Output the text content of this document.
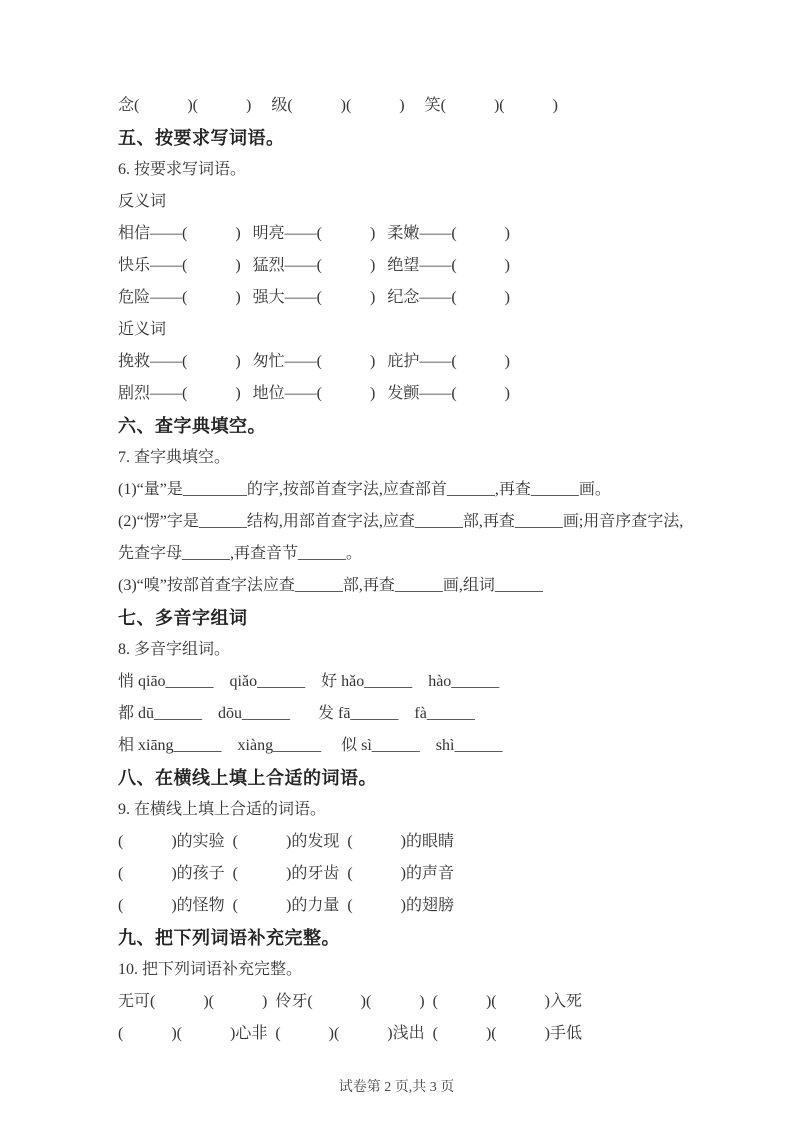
念(            )(            )     级(            )(            )     笑(            )(            )

五、按要求写词语。

6. 按要求写词语。

反义词

相信——(            )   明亮——(            )   柔嫩——(            )

快乐——(            )   猛烈——(            )   绝望——(            )

危险——(            )   强大——(            )   纪念——(            )

近义词

挽救——(            )   匆忙——(            )   庇护——(            )

剧烈——(            )   地位——(            )   发颤——(            )

六、查字典填空。

7. 查字典填空。

(1)“量”是________的字,按部首查字法,应查部首______,再查______画。

(2)“愣”字是______结构,用部首查字法,应查______部,再查______画;用音序查字法,

先查字母______,再查音节______。

(3)“嗅”按部首查字法应查______部,再查______画,组词______

七、多音字组词

8. 多音字组词。

悄 qiāo______    qiǎo______    好 hǎo______    hào______

都 dū______    dōu______       发 fā______    fà______

相 xiāng______    xiàng______     似 sì______    shì______

八、在横线上填上合适的词语。

9. 在横线上填上合适的词语。

(            )的实验  (            )的发现  (            )的眼睛

(            )的孩子  (            )的牙齿  (            )的声音

(            )的怪物  (            )的力量  (            )的翅膀

九、把下列词语补充完整。

10. 把下列词语补充完整。

无可(            )(            )  伶牙(            )(            )  (            )(            )入死

(            )(            )心非  (            )(            )浅出  (            )(            )手低

试卷第 2 页,共 3 页
